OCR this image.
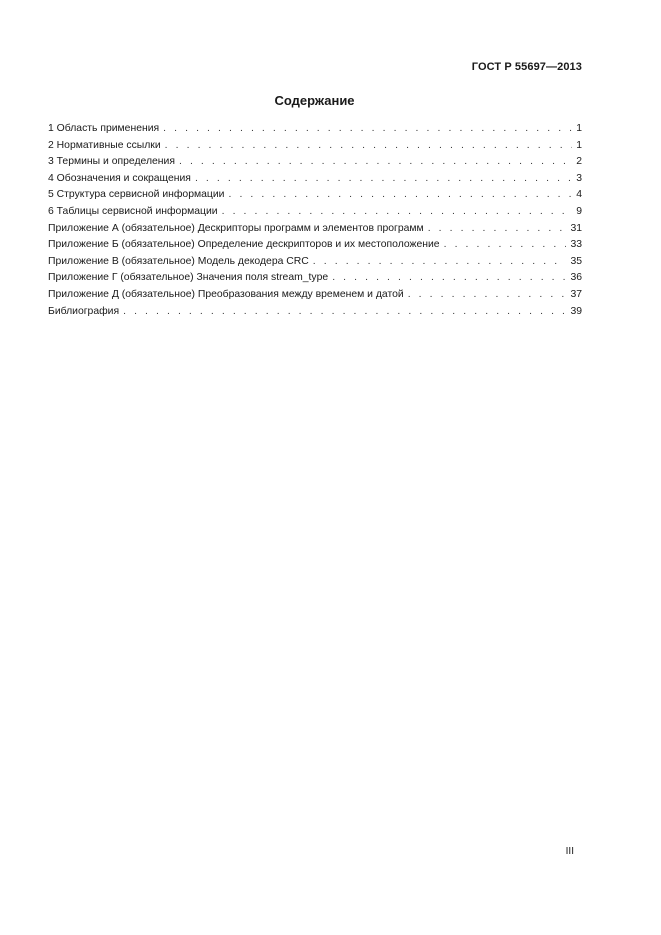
ГОСТ Р 55697—2013
Содержание
1 Область применения . . .	1
2 Нормативные ссылки . . .	1
3 Термины и определения . . .	2
4 Обозначения и сокращения . . .	3
5 Структура сервисной информации . . .	4
6 Таблицы сервисной информации . . .	9
Приложение А (обязательное) Дескрипторы программ и элементов программ . . .	31
Приложение Б (обязательное) Определение дескрипторов и их местоположение . . .	33
Приложение В (обязательное) Модель декодера CRC . . .	35
Приложение Г (обязательное) Значения поля stream_type . . .	36
Приложение Д (обязательное) Преобразования между временем и датой . . .	37
Библиография . . .	39
III
